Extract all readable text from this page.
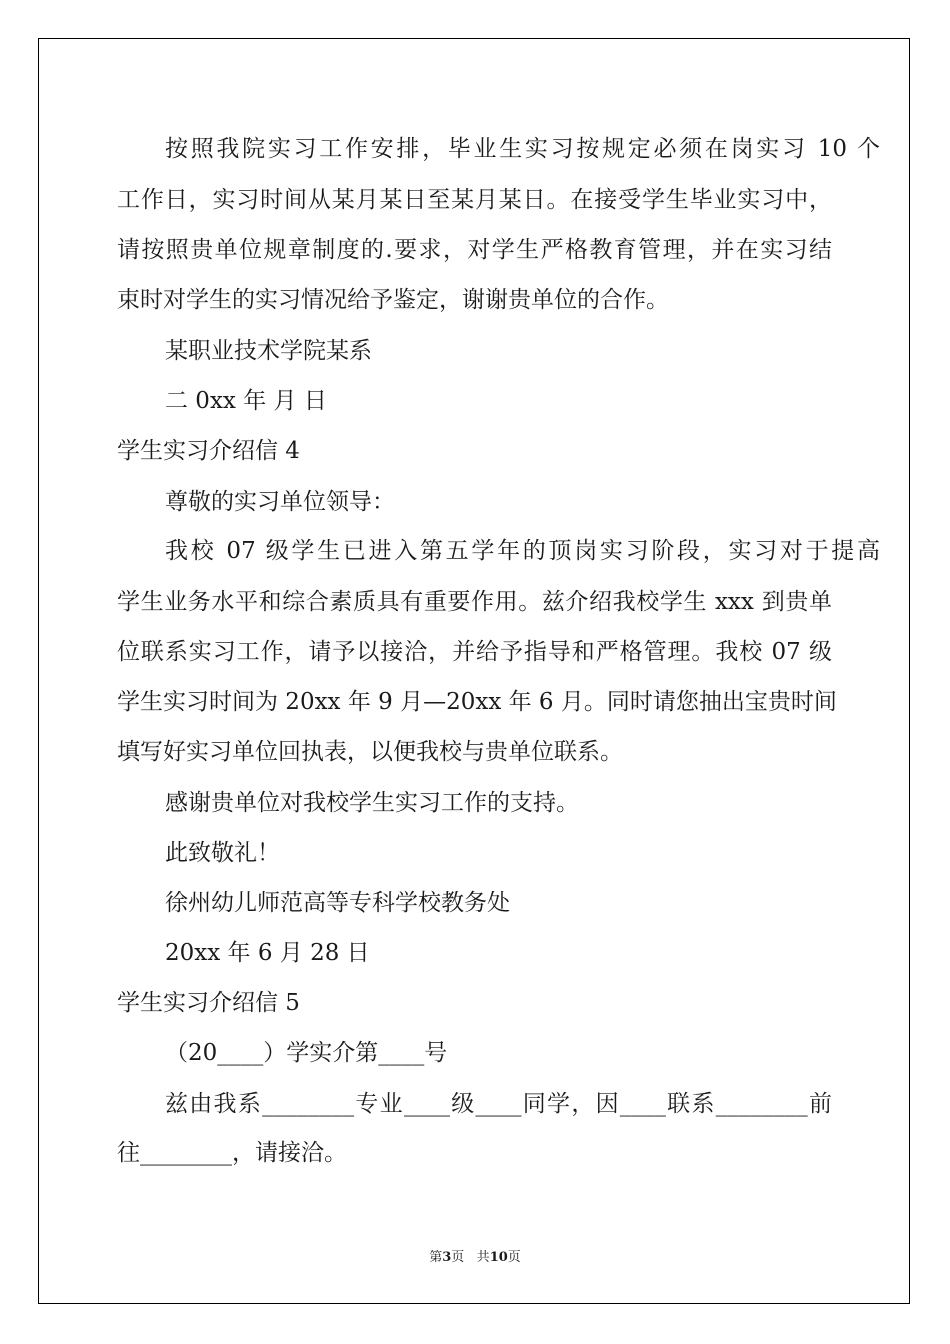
按照我院实习工作安排，毕业生实习按规定必须在岗实习 10 个
工作日，实习时间从某月某日至某月某日。在接受学生毕业实习中，
请按照贵单位规章制度的.要求，对学生严格教育管理，并在实习结
束时对学生的实习情况给予鉴定，谢谢贵单位的合作。
某职业技术学院某系
二 0xx 年 月 日
学生实习介绍信 4
尊敬的实习单位领导：
我校 07 级学生已进入第五学年的顶岗实习阶段，实习对于提高
学生业务水平和综合素质具有重要作用。兹介绍我校学生 xxx 到贵单
位联系实习工作，请予以接洽，并给予指导和严格管理。我校 07 级
学生实习时间为 20xx 年 9 月—20xx 年 6 月。同时请您抽出宝贵时间
填写好实习单位回执表，以便我校与贵单位联系。
感谢贵单位对我校学生实习工作的支持。
此致敬礼！
徐州幼儿师范高等专科学校教务处
20xx 年 6 月 28 日
学生实习介绍信 5
（20____）学实介第____号
兹由我系________专业____级____同学，因____联系________前
往________，请接洽。
第3页 共10页
